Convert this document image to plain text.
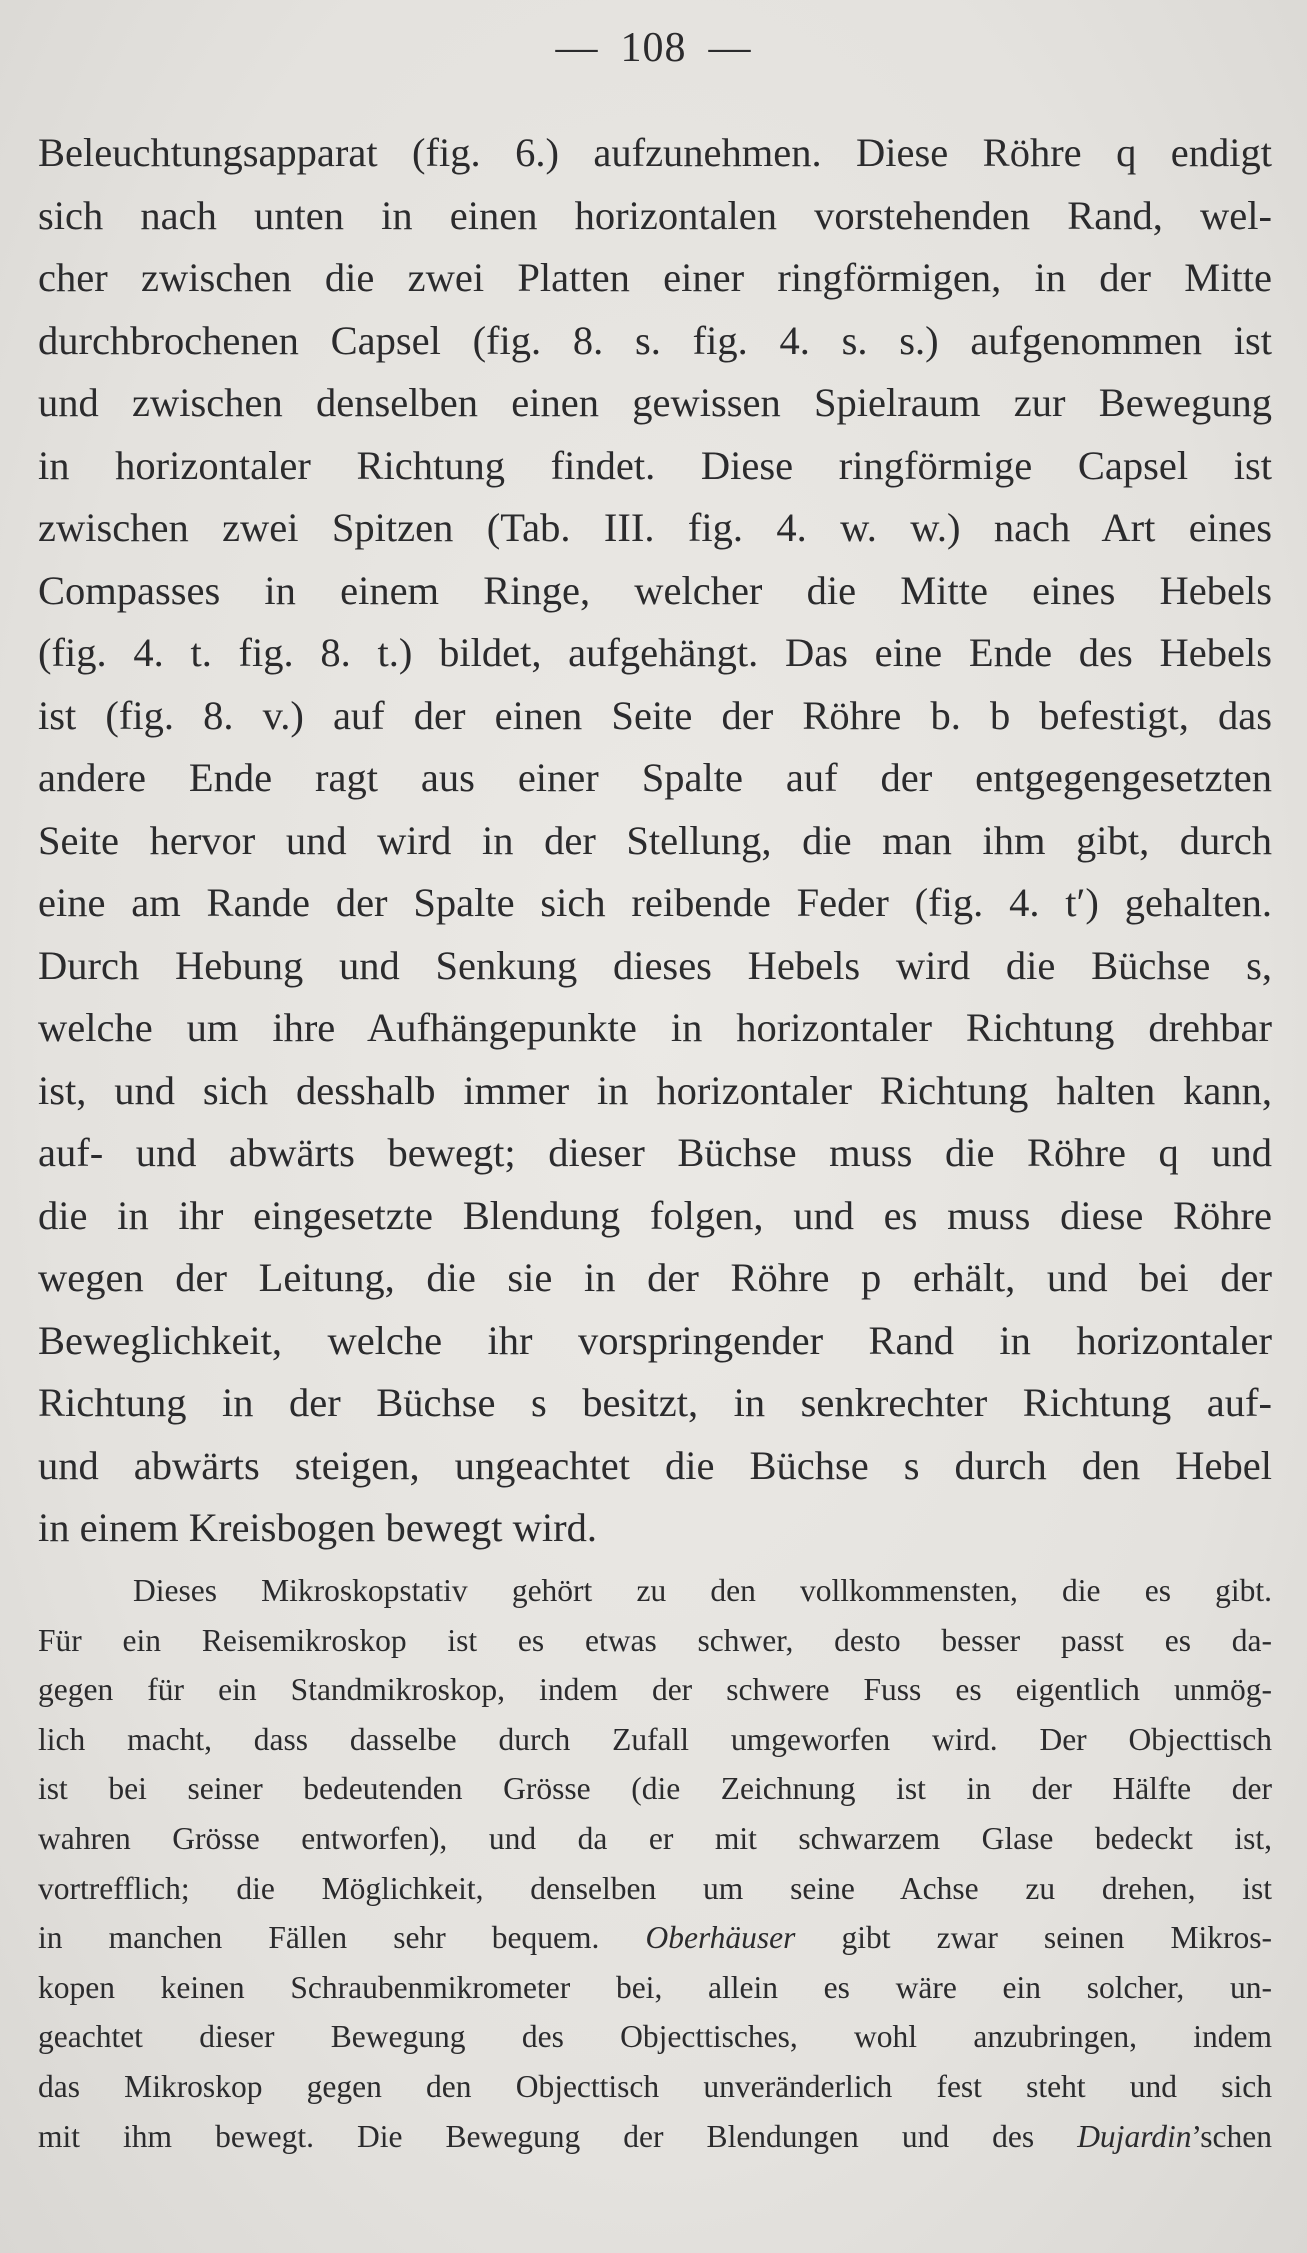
— 108 —
Beleuchtungsapparat (fig. 6.) aufzunehmen. Diese Röhre q endigt
sich nach unten in einen horizontalen vorstehenden Rand, wel-
cher zwischen die zwei Platten einer ringförmigen, in der Mitte
durchbrochenen Capsel (fig. 8. s. fig. 4. s. s.) aufgenommen ist
und zwischen denselben einen gewissen Spielraum zur Bewegung
in horizontaler Richtung findet. Diese ringförmige Capsel ist
zwischen zwei Spitzen (Tab. III. fig. 4. w. w.) nach Art eines
Compasses in einem Ringe, welcher die Mitte eines Hebels
(fig. 4. t. fig. 8. t.) bildet, aufgehängt. Das eine Ende des Hebels
ist (fig. 8. v.) auf der einen Seite der Röhre b. b befestigt, das
andere Ende ragt aus einer Spalte auf der entgegengesetzten
Seite hervor und wird in der Stellung, die man ihm gibt, durch
eine am Rande der Spalte sich reibende Feder (fig. 4. t′) gehalten.
Durch Hebung und Senkung dieses Hebels wird die Büchse s,
welche um ihre Aufhängepunkte in horizontaler Richtung drehbar
ist, und sich desshalb immer in horizontaler Richtung halten kann,
auf- und abwärts bewegt; dieser Büchse muss die Röhre q und
die in ihr eingesetzte Blendung folgen, und es muss diese Röhre
wegen der Leitung, die sie in der Röhre p erhält, und bei der
Beweglichkeit, welche ihr vorspringender Rand in horizontaler
Richtung in der Büchse s besitzt, in senkrechter Richtung auf-
und abwärts steigen, ungeachtet die Büchse s durch den Hebel
in einem Kreisbogen bewegt wird.
Dieses Mikroskopstativ gehört zu den vollkommensten, die es gibt.
Für ein Reisemikroskop ist es etwas schwer, desto besser passt es da-
gegen für ein Standmikroskop, indem der schwere Fuss es eigentlich unmög-
lich macht, dass dasselbe durch Zufall umgeworfen wird. Der Objecttisch
ist bei seiner bedeutenden Grösse (die Zeichnung ist in der Hälfte der
wahren Grösse entworfen), und da er mit schwarzem Glase bedeckt ist,
vortrefflich; die Möglichkeit, denselben um seine Achse zu drehen, ist
in manchen Fällen sehr bequem. Oberhäuser gibt zwar seinen Mikros-
kopen keinen Schraubenmikrometer bei, allein es wäre ein solcher, un-
geachtet dieser Bewegung des Objecttisches, wohl anzubringen, indem
das Mikroskop gegen den Objecttisch unveränderlich fest steht und sich
mit ihm bewegt. Die Bewegung der Blendungen und des Dujardin’schen
